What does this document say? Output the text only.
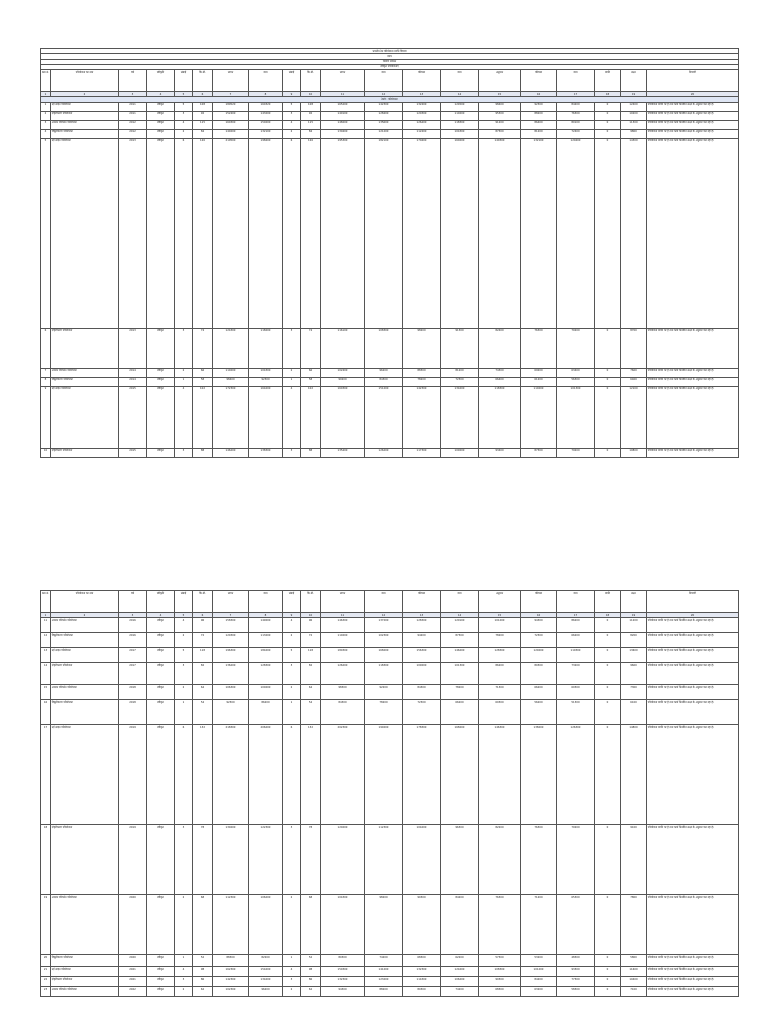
भारतीय रेल परियोजना प्रगति विवरण																			
प्रपत्र																			
निर्माण संगठन																			
स्वीकृत परियोजनाएं																			
क्रम सं.	परियोजना का नाम	वर्ष	स्वीकृति	लंबाई	कि.मी.	लागत	व्यय	लंबाई	कि.मी.	लागत	व्यय	परिव्यय	व्यय	अनुमान	परिव्यय	व्यय	प्रगति	लक्ष्य	टिप्पणी
1	2	3	4	5	6	7	8	9	10	11	12	13	14	15	16	17	18	19	20
रेलवे : परियोजना																			
1	नई लाइन परियोजना	2011	स्वीकृत	5	108	180520	160320	5	108	165200	142300	132400	124500	98400	92300	84200	0	12400	परियोजना प्रगति पर है तथा कार्य निर्धारित लक्ष्य के अनुसार चल रहा है।
2	दोहरीकरण परियोजना	2011	स्वीकृत	3	92	152400	143200	3	92	140100	128400	120300	110200	95300	88200	76300	0	10200	परियोजना प्रगति पर है तथा कार्य निर्धारित लक्ष्य के अनुसार चल रहा है।
3	आमान परिवर्तन परियोजना	2012	स्वीकृत	4	115	160300	150200	4	115	148200	135600	126400	118300	91200	86400	80100	0	11300	परियोजना प्रगति पर है तथा कार्य निर्धारित लक्ष्य के अनुसार चल रहा है।
4	विद्युतीकरण परियोजना	2012	स्वीकृत	2	84	140200	132100	2	84	130400	121200	112400	104300	87300	81200	72400	0	9800	परियोजना प्रगति पर है तथा कार्य निर्धारित लक्ष्य के अनुसार चल रहा है।
5	नई लाइन परियोजना	2013	स्वीकृत	6	126	210500	198400	6	126	195300	182100	170400	160200	140300	132100	120400	0	14300	परियोजना प्रगति पर है तथा कार्य निर्धारित लक्ष्य के अनुसार चल रहा है।
6	दोहरीकरण परियोजना	2013	स्वीकृत	3	74	124300	118200	3	74	116100	108300	98200	91300	82400	76300	70200	0	8700	परियोजना प्रगति पर है तथा कार्य निर्धारित लक्ष्य के अनुसार चल रहा है।
7	आमान परिवर्तन परियोजना	2014	स्वीकृत	2	66	110200	104300	2	66	102400	96200	88300	81200	74300	69200	63400	0	7600	परियोजना प्रगति पर है तथा कार्य निर्धारित लक्ष्य के अनुसार चल रहा है।
8	विद्युतीकरण परियोजना	2014	स्वीकृत	1	58	98400	92300	1	58	90200	84300	78200	72300	66400	61200	56300	0	6400	परियोजना प्रगति पर है तथा कार्य निर्धारित लक्ष्य के अनुसार चल रहा है।
9	नई लाइन परियोजना	2015	स्वीकृत	4	102	172300	164200	4	102	160300	151200	142300	134200	118300	110200	101300	0	12100	परियोजना प्रगति पर है तथा कार्य निर्धारित लक्ष्य के अनुसार चल रहा है।
10	दोहरीकरण परियोजना	2015	स्वीकृत	3	88	146200	138300	3	88	135400	126200	117300	109200	93400	87300	79200	0	10800	परियोजना प्रगति पर है तथा कार्य निर्धारित लक्ष्य के अनुसार चल रहा है।
क्रम सं.	परियोजना का नाम	वर्ष	स्वीकृति	लंबाई	कि.मी.	लागत	व्यय	लंबाई	कि.मी.	लागत	व्यय	परिव्यय	व्यय	अनुमान	परिव्यय	व्यय	प्रगति	लक्ष्य	टिप्पणी
1	2	3	4	5	6	7	8	9	10	11	12	13	14	15	16	17	18	19	20
11	आमान परिवर्तन परियोजना	2016	स्वीकृत	4	96	158300	149200	4	96	146300	137200	128300	120100	101200	94300	86200	0	11200	परियोजना प्रगति पर है तथा कार्य निर्धारित लक्ष्य के अनुसार चल रहा है।
12	विद्युतीकरण परियोजना	2016	स्वीकृत	2	72	120300	113200	2	72	110200	102300	94200	87300	78200	72300	66200	0	8200	परियोजना प्रगति पर है तथा कार्य निर्धारित लक्ष्य के अनुसार चल रहा है।
13	नई लाइन परियोजना	2017	स्वीकृत	5	118	196300	184200	5	118	180300	168200	156300	146200	128300	120200	110300	0	13600	परियोजना प्रगति पर है तथा कार्य निर्धारित लक्ष्य के अनुसार चल रहा है।
14	दोहरीकरण परियोजना	2017	स्वीकृत	3	82	136200	128300	3	82	126200	118300	109200	101300	86200	80300	73200	0	9600	परियोजना प्रगति पर है तथा कार्य निर्धारित लक्ष्य के अनुसार चल रहा है।
15	आमान परिवर्तन परियोजना	2018	स्वीकृत	2	64	106300	100200	2	64	98300	92200	84300	78200	71300	66200	60300	0	7300	परियोजना प्रगति पर है तथा कार्य निर्धारित लक्ष्य के अनुसार चल रहा है।
16	विद्युतीकरण परियोजना	2018	स्वीकृत	1	54	92300	86200	1	54	84300	78200	72300	66200	60300	56200	51300	0	6100	परियोजना प्रगति पर है तथा कार्य निर्धारित लक्ष्य के अनुसार चल रहा है।
17	नई लाइन परियोजना	2019	स्वीकृत	6	132	218300	206200	6	132	202300	190200	178300	168200	146300	138200	126300	0	14800	परियोजना प्रगति पर है तथा कार्य निर्धारित लक्ष्य के अनुसार चल रहा है।
18	दोहरीकरण परियोजना	2019	स्वीकृत	3	78	130200	122300	3	78	120200	112300	104200	96300	82200	76300	70200	0	9100	परियोजना प्रगति पर है तथा कार्य निर्धारित लक्ष्य के अनुसार चल रहा है।
19	आमान परिवर्तन परियोजना	2020	स्वीकृत	2	68	112300	106200	2	68	104300	98200	90300	84200	76300	71200	65300	0	7800	परियोजना प्रगति पर है तथा कार्य निर्धारित लक्ष्य के अनुसार चल रहा है।
20	विद्युतीकरण परियोजना	2020	स्वीकृत	1	52	88300	82200	1	52	80300	74200	68300	62200	57300	53200	48300	0	5800	परियोजना प्रगति पर है तथा कार्य निर्धारित लक्ष्य के अनुसार चल रहा है।
21	नई लाइन परियोजना	2021	स्वीकृत	4	98	162300	154200	4	98	150300	141200	132300	124200	108300	101200	93300	0	11600	परियोजना प्रगति पर है तथा कार्य निर्धारित लक्ष्य के अनुसार चल रहा है।
22	दोहरीकरण परियोजना	2021	स्वीकृत	3	86	142300	134200	3	86	132300	123200	114300	106200	90300	84200	77300	0	10400	परियोजना प्रगति पर है तथा कार्य निर्धारित लक्ष्य के अनुसार चल रहा है।
23	आमान परिवर्तन परियोजना	2022	स्वीकृत	2	62	102300	96200	2	62	94300	88200	80300	74200	68300	63200	58300	0	7100	परियोजना प्रगति पर है तथा कार्य निर्धारित लक्ष्य के अनुसार चल रहा है।
